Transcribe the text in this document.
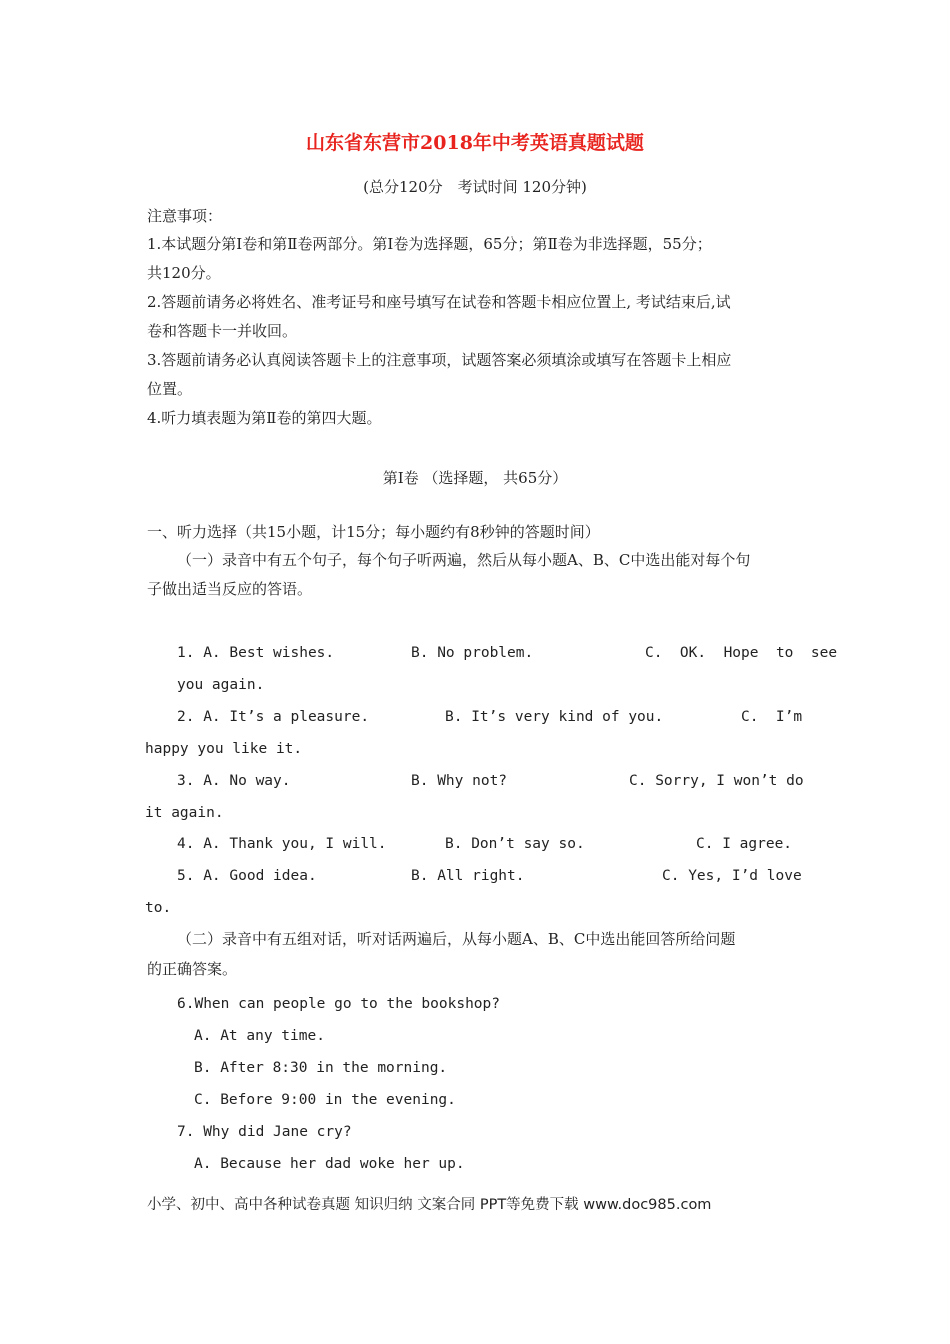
山东省东营市2018年中考英语真题试题
(总分120分　考试时间 120分钟)
注意事项：
1.本试题分第Ⅰ卷和第Ⅱ卷两部分。第Ⅰ卷为选择题，65分；第Ⅱ卷为非选择题，55分；
共120分。
2.答题前请务必将姓名、准考证号和座号填写在试卷和答题卡相应位置上, 考试结束后,试
卷和答题卡一并收回。
3.答题前请务必认真阅读答题卡上的注意事项，试题答案必须填涂或填写在答题卡上相应
位置。
4.听力填表题为第Ⅱ卷的第四大题。
第Ⅰ卷 （选择题， 共65分）
一、听力选择（共15小题，计15分；每小题约有8秒钟的答题时间）
（一）录音中有五个句子，每个句子听两遍，然后从每小题A、B、C中选出能对每个句
子做出适当反应的答语。
1. A. Best wishes.	B. No problem.	C.  OK.  Hope  to  see
you again.
2. A. It’s a pleasure.	B. It’s very kind of you.	C.  I’m
happy you like it.
3. A. No way.	B. Why not?	C. Sorry, I won’t do
it again.
4. A. Thank you, I will.	B. Don’t say so.	C. I agree.
5. A. Good idea.	B. All right.	C. Yes, I’d love
to.
（二）录音中有五组对话，听对话两遍后，从每小题A、B、C中选出能回答所给问题
的正确答案。
6.When can people go to the bookshop?
A. At any time.
B. After 8:30 in the morning.
C. Before 9:00 in the evening.
7. Why did Jane cry?
A. Because her dad woke her up.
小学、初中、高中各种试卷真题 知识归纳 文案合同 PPT等免费下载 www.doc985.com
